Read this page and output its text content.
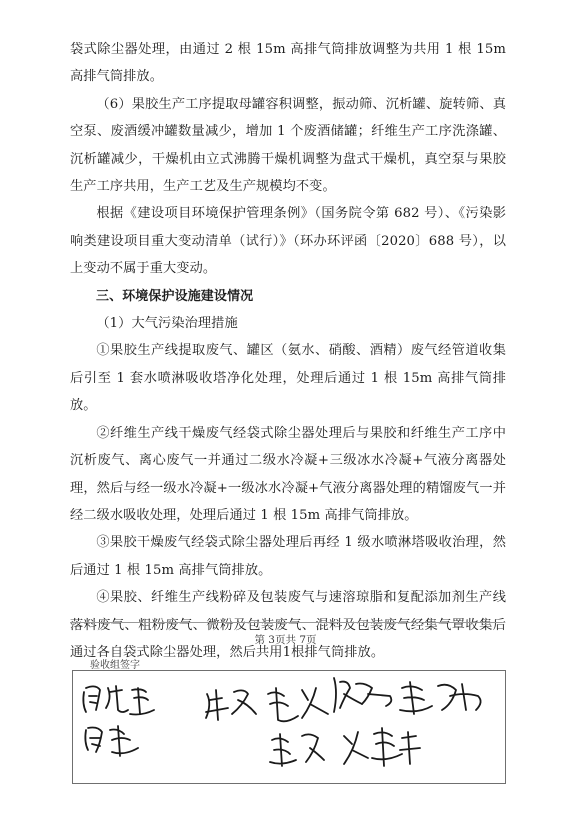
袋式除尘器处理，由通过 2 根 15m 高排气筒排放调整为共用 1 根 15m 高排气筒排放。

（6）果胶生产工序提取母罐容积调整，振动筛、沉析罐、旋转筛、真空泵、废酒缓冲罐数量减少，增加 1 个废酒储罐；纤维生产工序洗涤罐、沉析罐减少，干燥机由立式沸腾干燥机调整为盘式干燥机，真空泵与果胶生产工序共用，生产工艺及生产规模均不变。

根据《建设项目环境保护管理条例》（国务院令第 682 号）、《污染影响类建设项目重大变动清单（试行）》（环办环评函〔2020〕688 号），以上变动不属于重大变动。

三、环境保护设施建设情况

（1）大气污染治理措施

①果胶生产线提取废气、罐区（氨水、硝酸、酒精）废气经管道收集后引至 1 套水喷淋吸收塔净化处理，处理后通过 1 根 15m 高排气筒排放。

②纤维生产线干燥废气经袋式除尘器处理后与果胶和纤维生产工序中沉析废气、离心废气一并通过二级水冷凝+三级冰水冷凝+气液分离器处理，然后与经一级水冷凝+一级冰水冷凝+气液分离器处理的精馏废气一并经二级水吸收处理，处理后通过 1 根 15m 高排气筒排放。

③果胶干燥废气经袋式除尘器处理后再经 1 级水喷淋塔吸收治理，然后通过 1 根 15m 高排气筒排放。

④果胶、纤维生产线粉碎及包装废气与速溶琼脂和复配添加剂生产线落料废气、粗粉废气、微粉及包装废气、混料及包装废气经集气罩收集后通过各自袋式除尘器处理，然后共用1根排气筒排放。

第 3页共 7页
验收组签字
